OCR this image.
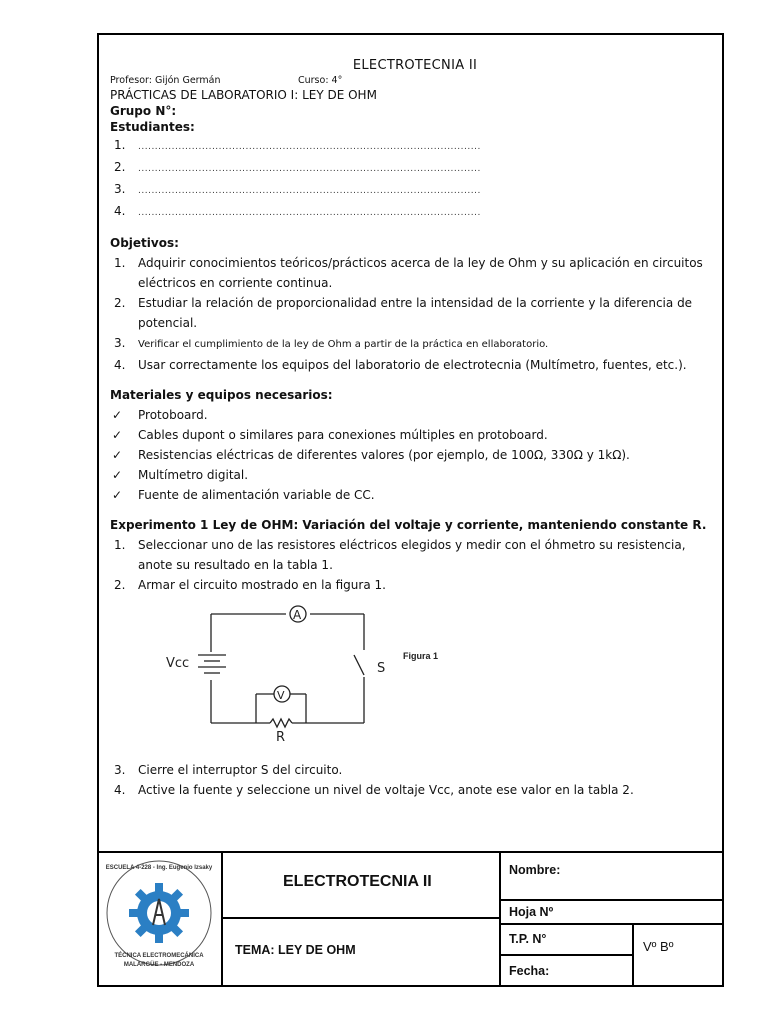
ELECTROTECNIA II
Profesor: Gijón Germán	Curso: 4°
PRÁCTICAS DE LABORATORIO I: LEY DE OHM
Grupo N°:
Estudiantes:
1. ......................................................................................................
2. ......................................................................................................
3. ......................................................................................................
4. ......................................................................................................
Objetivos:
1. Adquirir conocimientos teóricos/prácticos acerca de la ley de Ohm y su aplicación en circuitos eléctricos en corriente continua.
2. Estudiar la relación de proporcionalidad entre la intensidad de la corriente y la diferencia de potencial.
3. Verificar el cumplimiento de la ley de Ohm a partir de la práctica en ellaboratorio.
4. Usar correctamente los equipos del laboratorio de electrotecnia (Multímetro, fuentes, etc.).
Materiales y equipos necesarios:
✓ Protoboard.
✓ Cables dupont o similares para conexiones múltiples en protoboard.
✓ Resistencias eléctricas de diferentes valores (por ejemplo, de 100Ω, 330Ω y 1kΩ).
✓ Multímetro digital.
✓ Fuente de alimentación variable de CC.
Experimento 1 Ley de OHM: Variación del voltaje y corriente, manteniendo constante R.
1. Seleccionar uno de las resistores eléctricos elegidos y medir con el óhmetro su resistencia, anote su resultado en la tabla 1.
2. Armar el circuito mostrado en la figura 1.
A
V
Vcc	S
R
Figura 1
3. Cierre el interruptor S del circuito.
4. Active la fuente y seleccione un nivel de voltaje Vcc, anote ese valor en la tabla 2.
ESCUELA 4-228 - Ing. Eugenio Izsaky
TÉCNICA ELECTROMECÁNICA
MALARGÜE - MENDOZA
ELECTROTECNIA II
TEMA: LEY DE OHM
Nombre:
Hoja Nº
T.P. N°
Fecha:
Vº Bº
